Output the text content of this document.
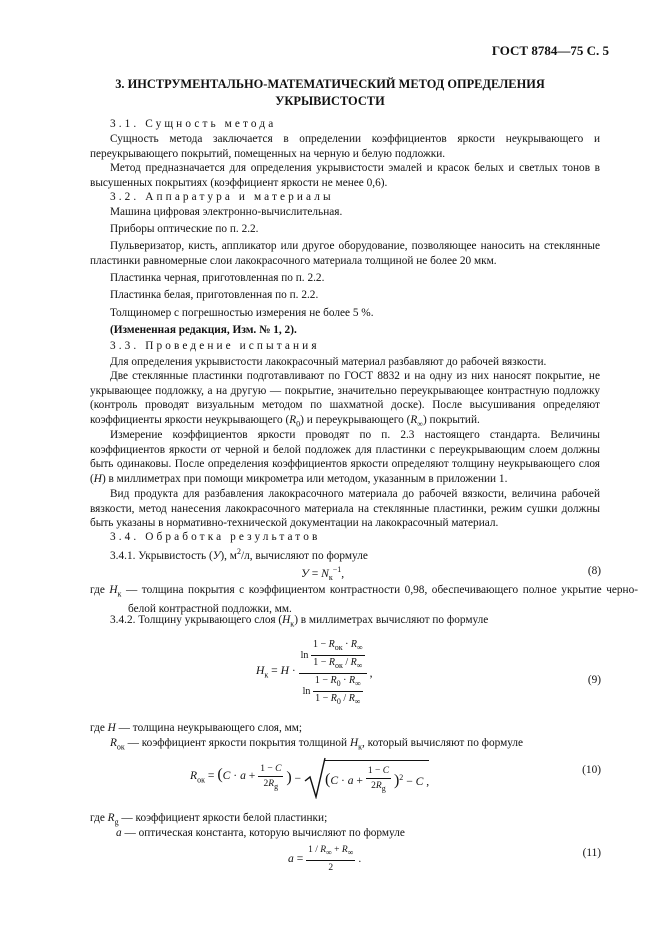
ГОСТ 8784—75 С. 5
3. ИНСТРУМЕНТАЛЬНО-МАТЕМАТИЧЕСКИЙ МЕТОД ОПРЕДЕЛЕНИЯ УКРЫВИСТОСТИ
3.1. Сущность метода
Сущность метода заключается в определении коэффициентов яркости неукрывающего и переукрывающего покрытий, помещенных на черную и белую подложки.
Метод предназначается для определения укрывистости эмалей и красок белых и светлых тонов в высушенных покрытиях (коэффициент яркости не менее 0,6).
3.2. Аппаратура и материалы
Машина цифровая электронно-вычислительная.
Приборы оптические по п. 2.2.
Пульверизатор, кисть, аппликатор или другое оборудование, позволяющее наносить на стеклянные пластинки равномерные слои лакокрасочного материала толщиной не более 20 мкм.
Пластинка черная, приготовленная по п. 2.2.
Пластинка белая, приготовленная по п. 2.2.
Толщиномер с погрешностью измерения не более 5 %.
(Измененная редакция, Изм. № 1, 2).
3.3. Проведение испытания
Для определения укрывистости лакокрасочный материал разбавляют до рабочей вязкости.
Две стеклянные пластинки подготавливают по ГОСТ 8832 и на одну из них наносят покрытие, не укрывающее подложку, а на другую — покрытие, значительно переукрывающее контрастную подложку (контроль проводят визуальным методом по шахматной доске). После высушивания определяют коэффициенты яркости неукрывающего $(R_0)$ и переукрывающего $(R_\infty)$ покрытий.
Измерение коэффициентов яркости проводят по п. 2.3 настоящего стандарта. Величины коэффициентов яркости от черной и белой подложек для пластинки с переукрывающим слоем должны быть одинаковы. После определения коэффициентов яркости определяют толщину неукрывающего слоя (H) в миллиметрах при помощи микрометра или методом, указанным в приложении 1.
Вид продукта для разбавления лакокрасочного материала до рабочей вязкости, величина рабочей вязкости, метод нанесения лакокрасочного материала на стеклянные пластинки, режим сушки должны быть указаны в нормативно-технической документации на лакокрасочный материал.
3.4. Обработка результатов
3.4.1. Укрывистость (У), $м^2/л$, вычисляют по формуле
$У = N_к^{-1}$,	(8)
где $H_к$ — толщина покрытия с коэффициентом контрастности 0,98, обеспечивающего полное укрытие черно-белой контрастной подложки, мм.
3.4.2. Толщину укрывающего слоя $(H_к)$ в миллиметрах вычисляют по формуле
$H_к = H$ ·
ln
$1 - R_{ок} \cdot R_\infty$
$1 - R_{ок} / R_\infty$
$\ln \frac{1 - R_0 \cdot R_\infty}{1 - R_0 / R_\infty}$
,
(9)
где H — толщина неукрывающего слоя, мм;
$R_{ок}$ — коэффициент яркости покрытия толщиной $H_к$, который вычисляют по формуле
$R_{ок} = (C \cdot a + \frac{1 - C}{2R_g}$ ) − $(C \cdot a + \frac{1 - C}{2R_g} )^2 - C$ ,
(10)
где $R_g$ — коэффициент яркости белой пластинки;
a — оптическая константа, которую вычисляют по формуле
$a = \frac{1 / R_\infty + R_\infty}{2}$ .	(11)
